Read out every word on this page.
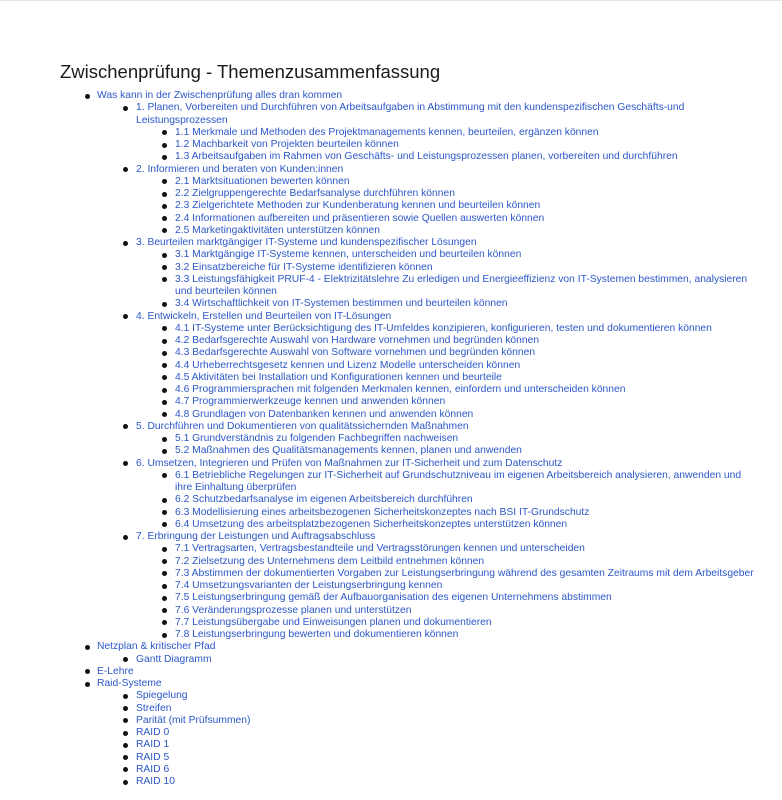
Zwischenprüfung - Themenzusammenfassung
Was kann in der Zwischenprüfung alles dran kommen
1. Planen, Vorbereiten und Durchführen von Arbeitsaufgaben in Abstimmung mit den kundenspezifischen Geschäfts-und Leistungsprozessen
1.1 Merkmale und Methoden des Projektmanagements kennen, beurteilen, ergänzen können
1.2 Machbarkeit von Projekten beurteilen können
1.3 Arbeitsaufgaben im Rahmen von Geschäfts- und Leistungsprozessen planen, vorbereiten und durchführen
2. Informieren und beraten von Kunden:innen
2.1 Marktsituationen bewerten können
2.2 Zielgruppengerechte Bedarfsanalyse durchführen können
2.3 Zielgerichtete Methoden zur Kundenberatung kennen und beurteilen können
2.4 Informationen aufbereiten und präsentieren sowie Quellen auswerten können
2.5 Marketingaktivitäten unterstützen können
3. Beurteilen marktgängiger IT-Systeme und kundenspezifischer Lösungen
3.1 Marktgängige IT-Systeme kennen, unterscheiden und beurteilen können
3.2 Einsatzbereiche für IT-Systeme identifizieren können
3.3 Leistungsfähigkeit PRUF-4 - Elektrizitätslehre Zu erledigen und Energieeffizienz von IT-Systemen bestimmen, analysieren und beurteilen können
3.4 Wirtschaftlichkeit von IT-Systemen bestimmen und beurteilen können
4. Entwickeln, Erstellen und Beurteilen von IT-Lösungen
4.1 IT-Systeme unter Berücksichtigung des IT-Umfeldes konzipieren, konfigurieren, testen und dokumentieren können
4.2 Bedarfsgerechte Auswahl von Hardware vornehmen und begründen können
4.3 Bedarfsgerechte Auswahl von Software vornehmen und begründen können
4.4 Urheberrechtsgesetz kennen und Lizenz Modelle unterscheiden können
4.5 Aktivitäten bei Installation und Konfigurationen kennen und beurteile
4.6 Programmiersprachen mit folgenden Merkmalen kennen, einfordern und unterscheiden können
4.7 Programmierwerkzeuge kennen und anwenden können
4.8 Grundlagen von Datenbanken kennen und anwenden können
5. Durchführen und Dokumentieren von qualitätssichernden Maßnahmen
5.1 Grundverständnis zu folgenden Fachbegriffen nachweisen
5.2 Maßnahmen des Qualitätsmanagements kennen, planen und anwenden
6. Umsetzen, Integrieren und Prüfen von Maßnahmen zur IT-Sicherheit und zum Datenschutz
6.1 Betriebliche Regelungen zur IT-Sicherheit auf Grundschutzniveau im eigenen Arbeitsbereich analysieren, anwenden und ihre Einhaltung überprüfen
6.2 Schutzbedarfsanalyse im eigenen Arbeitsbereich durchführen
6.3 Modellisierung eines arbeitsbezogenen Sicherheitskonzeptes nach BSI IT-Grundschutz
6.4 Umsetzung des arbeitsplatzbezogenen Sicherheitskonzeptes unterstützen können
7. Erbringung der Leistungen und Auftragsabschluss
7.1 Vertragsarten, Vertragsbestandteile und Vertragsstörungen kennen und unterscheiden
7.2 Zielsetzung des Unternehmens dem Leitbild entnehmen können
7.3 Abstimmen der dokumentierten Vorgaben zur Leistungserbringung während des gesamten Zeitraums mit dem Arbeitsgeber
7.4 Umsetzungsvarianten der Leistungserbringung kennen
7.5 Leistungserbringung gemäß der Aufbauorganisation des eigenen Unternehmens abstimmen
7.6 Veränderungsprozesse planen und unterstützen
7.7 Leistungsübergabe und Einweisungen planen und dokumentieren
7.8 Leistungserbringung bewerten und dokumentieren können
Netzplan & kritischer Pfad
Gantt Diagramm
E-Lehre
Raid-Systeme
Spiegelung
Streifen
Parität (mit Prüfsummen)
RAID 0
RAID 1
RAID 5
RAID 6
RAID 10
